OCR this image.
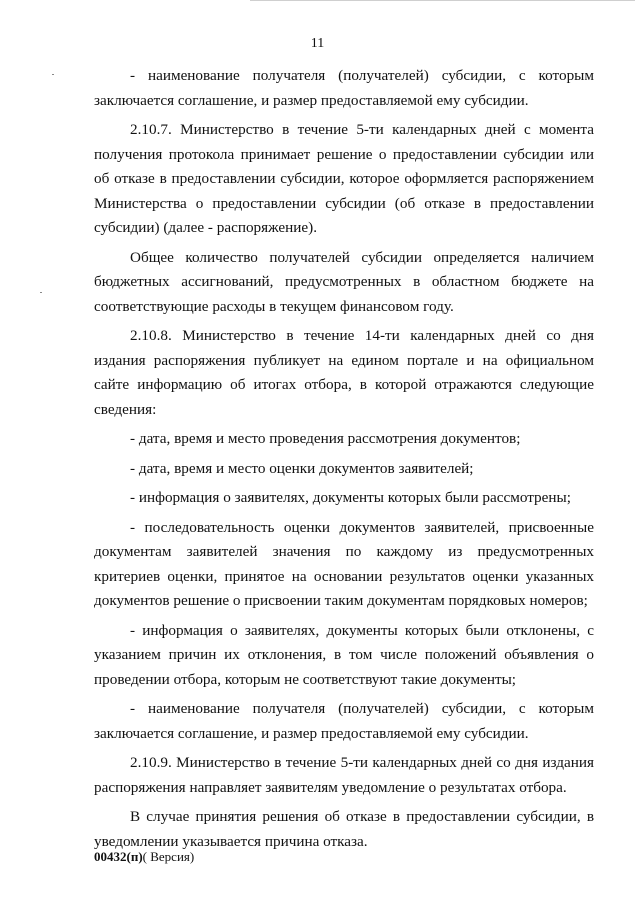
11

- наименование получателя (получателей) субсидии, с которым заключается соглашение, и размер предоставляемой ему субсидии.

2.10.7. Министерство в течение 5-ти календарных дней с момента получения протокола принимает решение о предоставлении субсидии или об отказе в предоставлении субсидии, которое оформляется распоряжением Министерства о предоставлении субсидии (об отказе в предоставлении субсидии) (далее - распоряжение).

Общее количество получателей субсидии определяется наличием бюджетных ассигнований, предусмотренных в областном бюджете на соответствующие расходы в текущем финансовом году.

2.10.8. Министерство в течение 14-ти календарных дней со дня издания распоряжения публикует на едином портале и на официальном сайте информацию об итогах отбора, в которой отражаются следующие сведения:

- дата, время и место проведения рассмотрения документов;

- дата, время и место оценки документов заявителей;

- информация о заявителях, документы которых были рассмотрены;

- последовательность оценки документов заявителей, присвоенные документам заявителей значения по каждому из предусмотренных критериев оценки, принятое на основании результатов оценки указанных документов решение о присвоении таким документам порядковых номеров;

- информация о заявителях, документы которых были отклонены, с указанием причин их отклонения, в том числе положений объявления о проведении отбора, которым не соответствуют такие документы;

- наименование получателя (получателей) субсидии, с которым заключается соглашение, и размер предоставляемой ему субсидии.

2.10.9. Министерство в течение 5-ти календарных дней со дня издания распоряжения направляет заявителям уведомление о результатах отбора.

В случае принятия решения об отказе в предоставлении субсидии, в уведомлении указывается причина отказа.

00432(п)( Версия)
